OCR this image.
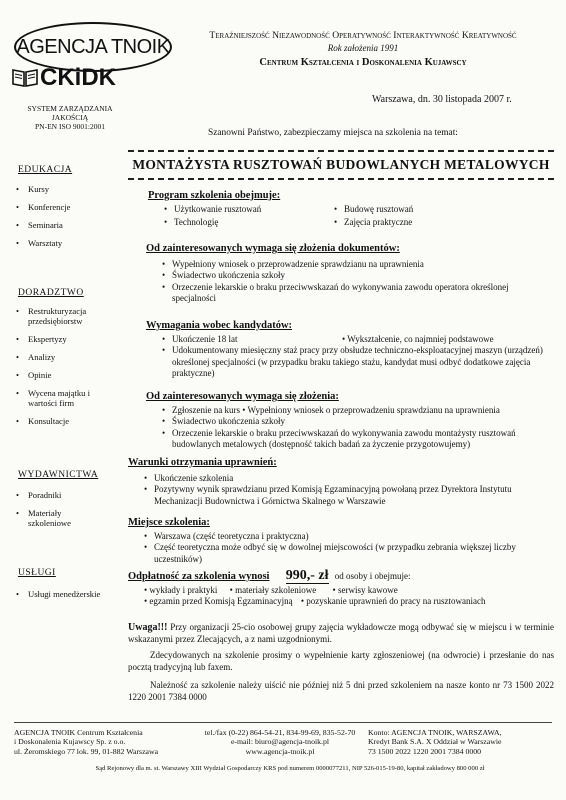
AGENCJA TNOIK
CKiDK
Teraźniejszość Niezawodność Operatywność Interaktywność Kreatywność
Rok założenia 1991
Centrum Kształcenia i Doskonalenia Kujawscy
SYSTEM ZARZĄDZANIA
JAKOŚCIĄ
PN-EN ISO 9001:2001
Warszawa, dn. 30 listopada 2007 r.
EDUKACJA
• Kursy
• Konferencje
• Seminaria
• Warsztaty
DORADZTWO
• Restrukturyzacja przedsiębiorstw
• Ekspertyzy
• Analizy
• Opinie
• Wycena majątku i wartości firm
• Konsultacje
WYDAWNICTWA
• Poradniki
• Materiały szkoleniowe
USŁUGI
• Usługi menedżerskie
Szanowni Państwo, zabezpieczamy miejsca na szkolenia na temat:
MONTAŻYSTA RUSZTOWAŃ BUDOWLANYCH METALOWYCH
Program szkolenia obejmuje:
• Użytkowanie rusztowań	• Budowę rusztowań
• Technologię	• Zajęcia praktyczne
Od zainteresowanych wymaga się złożenia dokumentów:
• Wypełniony wniosek o przeprowadzenie sprawdzianu na uprawnienia
• Świadectwo ukończenia szkoły
• Orzeczenie lekarskie o braku przeciwwskazań do wykonywania zawodu operatora określonej specjalności
Wymagania wobec kandydatów:
• Ukończenie 18 lat	• Wykształcenie, co najmniej podstawowe
• Udokumentowany miesięczny staż pracy przy obsłudze techniczno-eksploatacyjnej maszyn (urządzeń) określonej specjalności (w przypadku braku takiego stażu, kandydat musi odbyć dodatkowe zajęcia praktyczne)
Od zainteresowanych wymaga się złożenia:
• Zgłoszenie na kurs • Wypełniony wniosek o przeprowadzeniu sprawdzianu na uprawnienia
• Świadectwo ukończenia szkoły
• Orzeczenie lekarskie o braku przeciwwskazań do wykonywania zawodu montażysty rusztowań budowlanych metalowych (dostępność takich badań za życzenie przygotowujemy)
Warunki otrzymania uprawnień:
• Ukończenie szkolenia
• Pozytywny wynik sprawdzianu przed Komisją Egzaminacyjną powołaną przez Dyrektora Instytutu Mechanizacji Budownictwa i Górnictwa Skalnego w Warszawie
Miejsce szkolenia:
• Warszawa (część teoretyczna i praktyczna)
• Część teoretyczna może odbyć się w dowolnej miejscowości (w przypadku zebrania większej liczby uczestników)
Odpłatność za szkolenia wynosi 990,- zł od osoby i obejmuje:
• wykłady i praktyki • materiały szkoleniowe • serwisy kawowe
• egzamin przed Komisją Egzaminacyjną • pozyskanie uprawnień do pracy na rusztowaniach
Uwaga!!! Przy organizacji 25-cio osobowej grupy zajęcia wykładowcze mogą odbywać się w miejscu i w terminie wskazanymi przez Zlecających, a z nami uzgodnionymi.
Zdecydowanych na szkolenie prosimy o wypełnienie karty zgłoszeniowej (na odwrocie) i przesłanie do nas pocztą tradycyjną lub faxem.
Należność za szkolenie należy uiścić nie później niż 5 dni przed szkoleniem na nasze konto nr 73 1500 2022 1220 2001 7384 0000
AGENCJA TNOIK Centrum Kształcenia
i Doskonalenia Kujawscy Sp. z o.o.
ul. Żeromskiego 77 lok. 99, 01-882 Warszawa
tel./fax (0-22) 864-54-21, 834-99-69, 835-52-70
e-mail: biuro@agencja-tnoik.pl
www.agencja-tnoik.pl
Konto: AGENCJA TNOIK, WARSZAWA,
Kredyt Bank S.A. X Oddział w Warszawie
73 1500 2022 1220 2001 7384 0000
Sąd Rejonowy dla m. st. Warszawy XIII Wydział Gospodarczy KRS pod numerem 0000077211, NIP 526-015-19-80, kapitał zakładowy 800 000 zł
